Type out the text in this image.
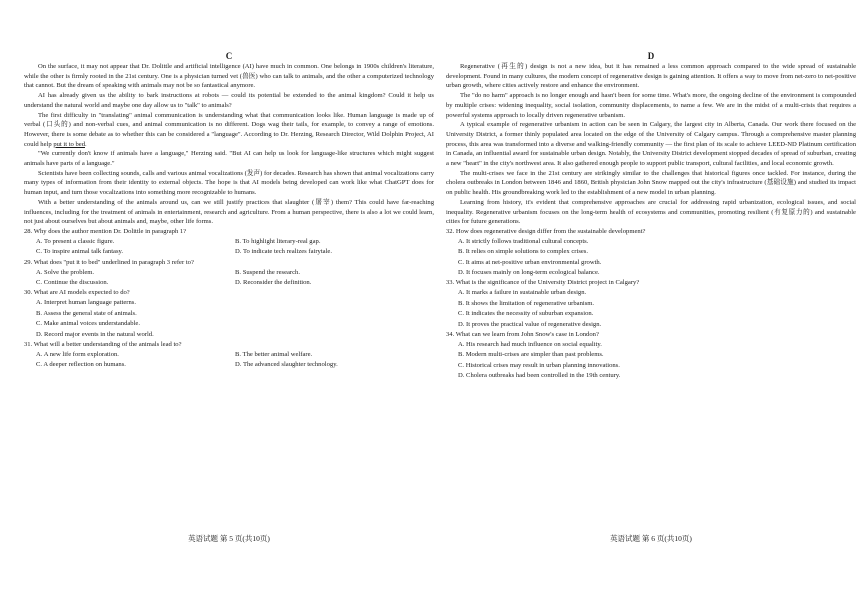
C

On the surface, it may not appear that Dr. Dolittle and artificial intelligence (AI) have much in common. One belongs in 1900s children's literature, while the other is firmly rooted in the 21st century. One is a physician turned vet (兽医) who can talk to animals, and the other a computerized technology that cannot. But the dream of speaking with animals may not be so fantastical anymore.

AI has already given us the ability to bark instructions at robots — could its potential be extended to the animal kingdom? Could it help us understand the natural world and maybe one day allow us to "talk" to animals?

The first difficulty in "translating" animal communication is understanding what that communication looks like. Human language is made up of verbal (口头的) and non-verbal cues, and animal communication is no different. Dogs wag their tails, for example, to convey a range of emotions. However, there is some debate as to whether this can be considered a "language". According to Dr. Herzing, Research Director, Wild Dolphin Project, AI could help put it to bed.

"We currently don't know if animals have a language," Herzing said. "But AI can help us look for language-like structures which might suggest animals have parts of a language."

Scientists have been collecting sounds, calls and various animal vocalizations (发声) for decades. Research has shown that animal vocalizations carry many types of information from their identity to external objects. The hope is that AI models being developed can work like what ChatGPT does for human input, and turn those vocalizations into something more recognizable to humans.

With a better understanding of the animals around us, can we still justify practices that slaughter (屠宰) them? This could have far-reaching influences, including for the treatment of animals in entertainment, research and agriculture. From a human perspective, there is also a lot we could learn, not just about ourselves but about animals and, maybe, other life forms.

28. Why does the author mention Dr. Dolittle in paragraph 1?

A. To present a classic figure.	B. To highlight literary-real gap.
C. To inspire animal talk fantasy.	D. To indicate tech realizes fairytale.

29. What does "put it to bed" underlined in paragraph 3 refer to?

A. Solve the problem.	B. Suspend the research.
C. Continue the discussion.	D. Reconsider the definition.

30. What are AI models expected to do?

A. Interpret human language patterns.
B. Assess the general state of animals.
C. Make animal voices understandable.
D. Record major events in the natural world.

31. What will a better understanding of the animals lead to?

A. A new life form exploration.	B. The better animal welfare.
C. A deeper reflection on humans.	D. The advanced slaughter technology.
英语试题 第 5 页(共10页)
D

Regenerative (再生的) design is not a new idea, but it has remained a less common approach compared to the wide spread of sustainable development. Found in many cultures, the modern concept of regenerative design is gaining attention. It offers a way to move from net-zero to net-positive urban growth, where cities actively restore and enhance the environment.

The "do no harm" approach is no longer enough and hasn't been for some time. What's more, the ongoing decline of the environment is compounded by multiple crises: widening inequality, social isolation, community displacements, to name a few. We are in the midst of a multi-crisis that requires a powerful systems approach to locally driven regenerative urbanism.

A typical example of regenerative urbanism in action can be seen in Calgary, the largest city in Alberta, Canada. Our work there focused on the University District, a former thinly populated area located on the edge of the University of Calgary campus. Through a comprehensive master planning process, this area was transformed into a diverse and walking-friendly community — the first plan of its scale to achieve LEED-ND Platinum certification in Canada, an influential award for sustainable urban design. Notably, the University District development stopped decades of spread of suburban, creating a new "heart" in the city's northwest area. It also gathered enough people to support public transport, cultural facilities, and local economic growth.

The multi-crises we face in the 21st century are strikingly similar to the challenges that historical figures once tackled. For instance, during the cholera outbreaks in London between 1846 and 1860, British physician John Snow mapped out the city's infrastructure (基础设施) and studied its impact on public health. His groundbreaking work led to the establishment of a new model in urban planning.

Learning from history, it's evident that comprehensive approaches are crucial for addressing rapid urbanization, ecological issues, and social inequality. Regenerative urbanism focuses on the long-term health of ecosystems and communities, promoting resilient (有复原力的) and sustainable cities for future generations.

32. How does regenerative design differ from the sustainable development?

A. It strictly follows traditional cultural concepts.
B. It relies on simple solutions to complex crises.
C. It aims at net-positive urban environmental growth.
D. It focuses mainly on long-term ecological balance.

33. What is the significance of the University District project in Calgary?

A. It marks a failure in sustainable urban design.
B. It shows the limitation of regenerative urbanism.
C. It indicates the necessity of suburban expansion.
D. It proves the practical value of regenerative design.

34. What can we learn from John Snow's case in London?

A. His research had much influence on social equality.
B. Modern multi-crises are simpler than past problems.
C. Historical crises may result in urban planning innovations.
D. Cholera outbreaks had been controlled in the 19th century.
英语试题 第 6 页(共10页)
